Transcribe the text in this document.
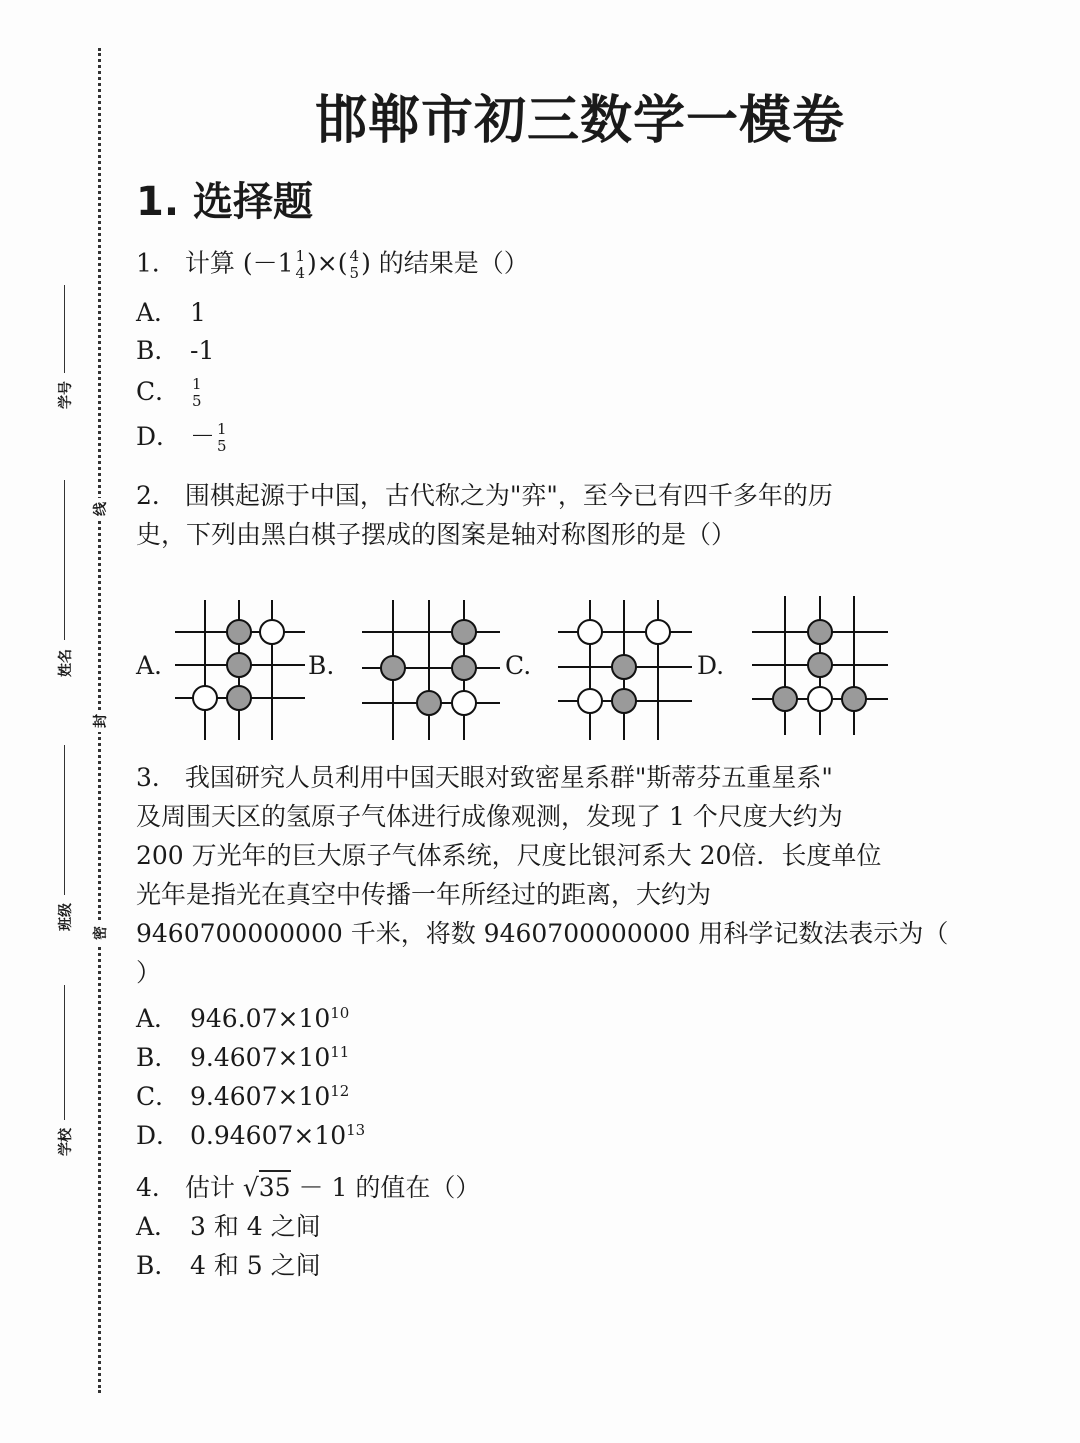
学号
姓名
班级
学校
线
封
密
邯郸市初三数学一模卷
1. 选择题
1． 计算 (－1 1
4 )×( 4
5 ) 的结果是（）
A． 1
B． -1
C． 1
5
D． － 1
5
2． 围棋起源于中国，古代称之为"弈"，至今已有四千多年的历
史，下列由黑白棋子摆成的图案是轴对称图形的是（）
A.	B.	C.	D.
3． 我国研究人员利用中国天眼对致密星系群"斯蒂芬五重星系"
及周围天区的氢原子气体进行成像观测，发现了 1 个尺度大约为
200 万光年的巨大原子气体系统，尺度比银河系大 20倍．长度单位
光年是指光在真空中传播一年所经过的距离，大约为
9460700000000 千米，将数 9460700000000 用科学记数法表示为（
）
A． $946.07\times 10^{10}$
B． $9.4607\times 10^{11}$
C． $9.4607\times 10^{12}$
D． $0.94607\times 10^{13}$
4． 估计 √35 － 1 的值在（）
A． 3 和 4 之间
B． 4 和 5 之间
